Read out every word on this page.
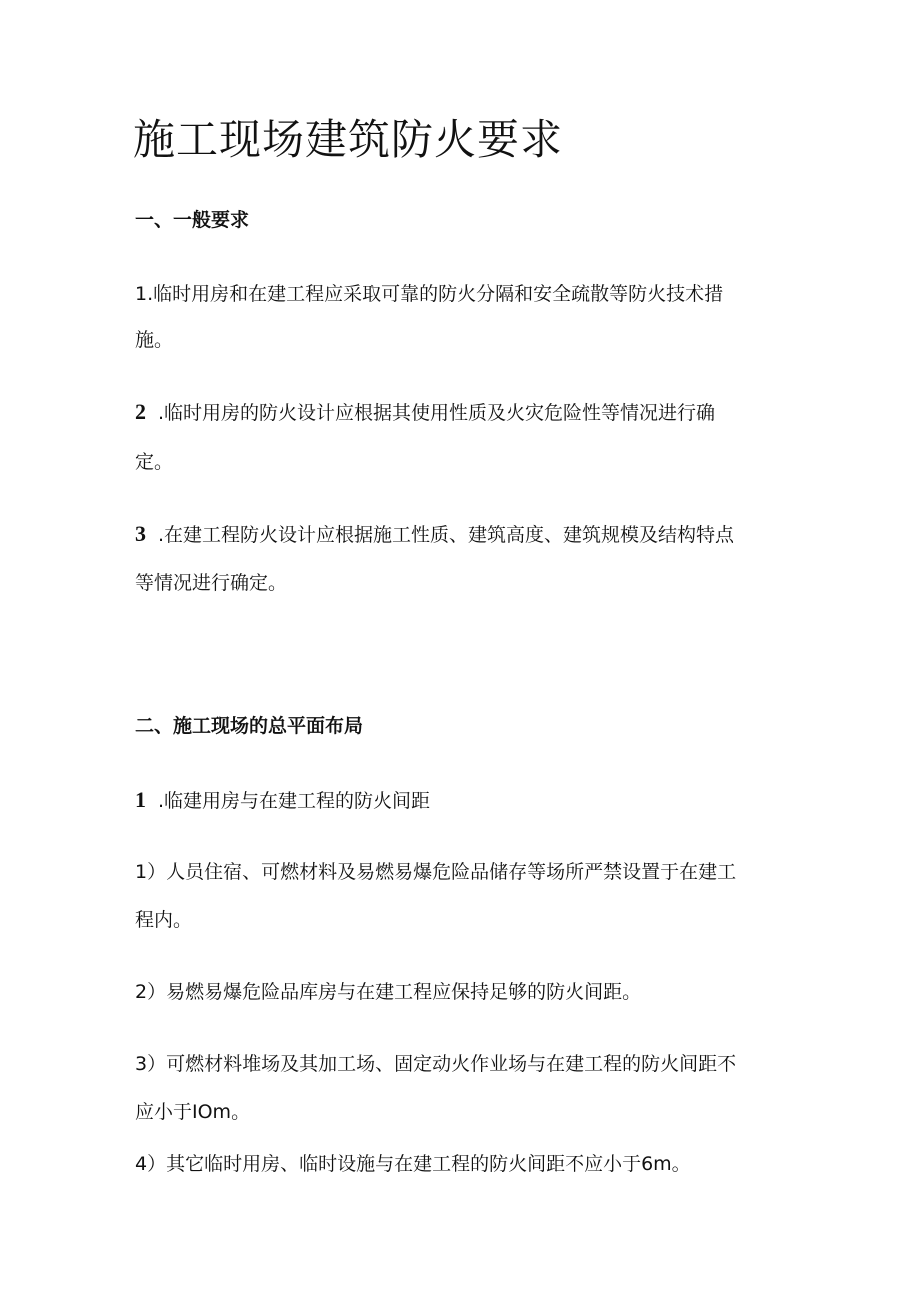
施工现场建筑防火要求
一、一般要求
1.临时用房和在建工程应采取可靠的防火分隔和安全疏散等防火技术措
施。
2 .临时用房的防火设计应根据其使用性质及火灾危险性等情况进行确
定。
3 .在建工程防火设计应根据施工性质、建筑高度、建筑规模及结构特点
等情况进行确定。
二、施工现场的总平面布局
1 .临建用房与在建工程的防火间距
1）人员住宿、可燃材料及易燃易爆危险品储存等场所严禁设置于在建工
程内。
2）易燃易爆危险品库房与在建工程应保持足够的防火间距。
3）可燃材料堆场及其加工场、固定动火作业场与在建工程的防火间距不
应小于IOm。
4）其它临时用房、临时设施与在建工程的防火间距不应小于6m。
